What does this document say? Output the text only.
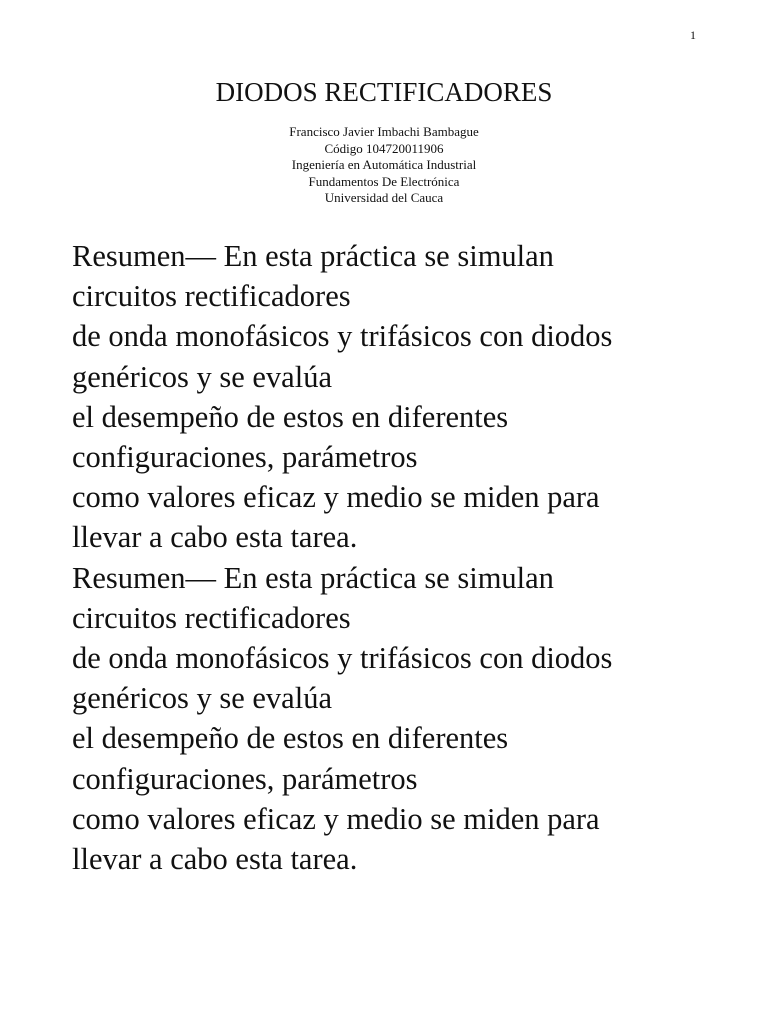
1
DIODOS RECTIFICADORES
Francisco Javier Imbachi Bambague
Código 104720011906
Ingeniería en Automática Industrial
Fundamentos De Electrónica
Universidad del Cauca
Resumen— En esta práctica se simulan
circuitos rectificadores
de onda monofásicos y trifásicos con diodos
genéricos y se evalúa
el desempeño de estos en diferentes
configuraciones, parámetros
como valores eficaz y medio se miden para
llevar a cabo esta tarea.
Resumen— En esta práctica se simulan
circuitos rectificadores
de onda monofásicos y trifásicos con diodos
genéricos y se evalúa
el desempeño de estos en diferentes
configuraciones, parámetros
como valores eficaz y medio se miden para
llevar a cabo esta tarea.
